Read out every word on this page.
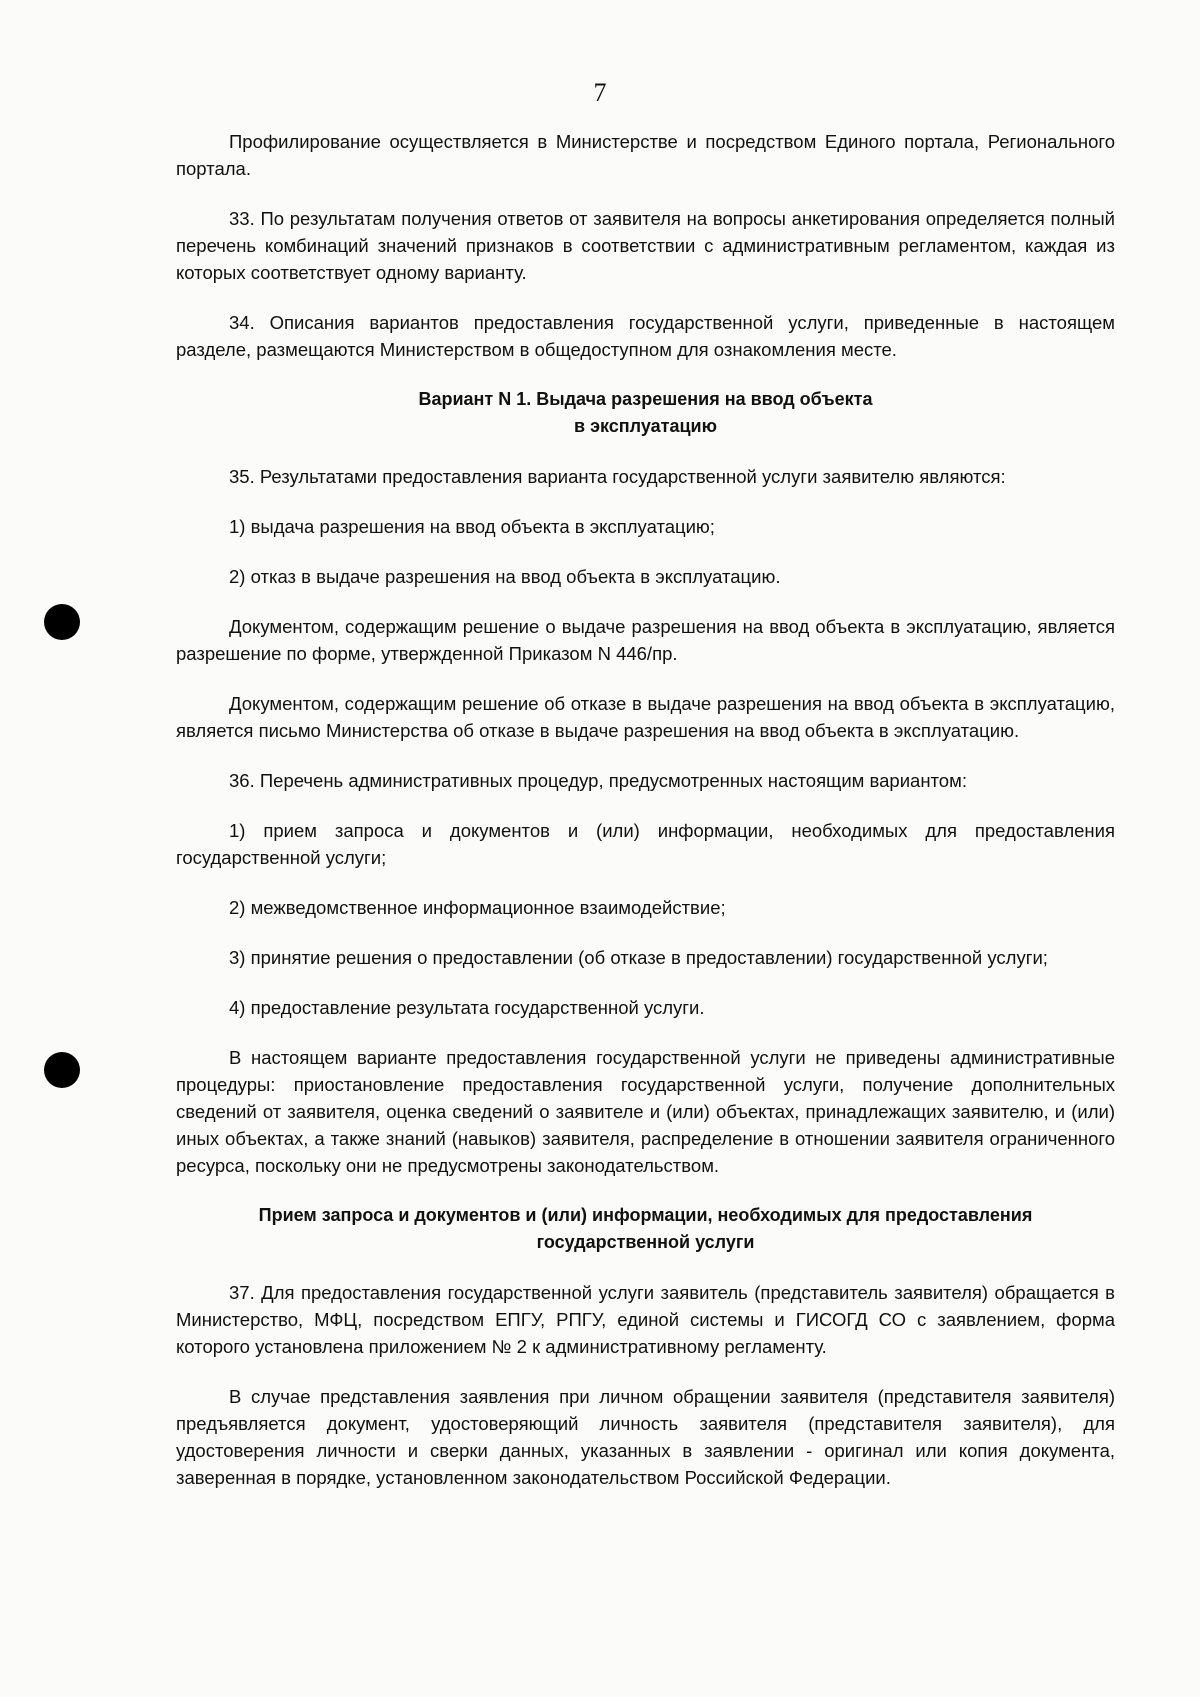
7

Профилирование осуществляется в Министерстве и посредством Единого портала, Регионального портала.

33. По результатам получения ответов от заявителя на вопросы анкетирования определяется полный перечень комбинаций значений признаков в соответствии с административным регламентом, каждая из которых соответствует одному варианту.

34. Описания вариантов предоставления государственной услуги, приведенные в настоящем разделе, размещаются Министерством в общедоступном для ознакомления месте.

Вариант N 1. Выдача разрешения на ввод объекта
в эксплуатацию

35. Результатами предоставления варианта государственной услуги заявителю являются:

1) выдача разрешения на ввод объекта в эксплуатацию;

2) отказ в выдаче разрешения на ввод объекта в эксплуатацию.

Документом, содержащим решение о выдаче разрешения на ввод объекта в эксплуатацию, является разрешение по форме, утвержденной Приказом N 446/пр.

Документом, содержащим решение об отказе в выдаче разрешения на ввод объекта в эксплуатацию, является письмо Министерства об отказе в выдаче разрешения на ввод объекта в эксплуатацию.

36. Перечень административных процедур, предусмотренных настоящим вариантом:

1) прием запроса и документов и (или) информации, необходимых для предоставления государственной услуги;

2) межведомственное информационное взаимодействие;

3) принятие решения о предоставлении (об отказе в предоставлении) государственной услуги;

4) предоставление результата государственной услуги.

В настоящем варианте предоставления государственной услуги не приведены административные процедуры: приостановление предоставления государственной услуги, получение дополнительных сведений от заявителя, оценка сведений о заявителе и (или) объектах, принадлежащих заявителю, и (или) иных объектах, а также знаний (навыков) заявителя, распределение в отношении заявителя ограниченного ресурса, поскольку они не предусмотрены законодательством.

Прием запроса и документов и (или) информации, необходимых для предоставления
государственной услуги

37. Для предоставления государственной услуги заявитель (представитель заявителя) обращается в Министерство, МФЦ, посредством ЕПГУ, РПГУ, единой системы и ГИСОГД СО с заявлением, форма которого установлена приложением № 2 к административному регламенту.

В случае представления заявления при личном обращении заявителя (представителя заявителя) предъявляется документ, удостоверяющий личность заявителя (представителя заявителя), для удостоверения личности и сверки данных, указанных в заявлении - оригинал или копия документа, заверенная в порядке, установленном законодательством Российской Федерации.
